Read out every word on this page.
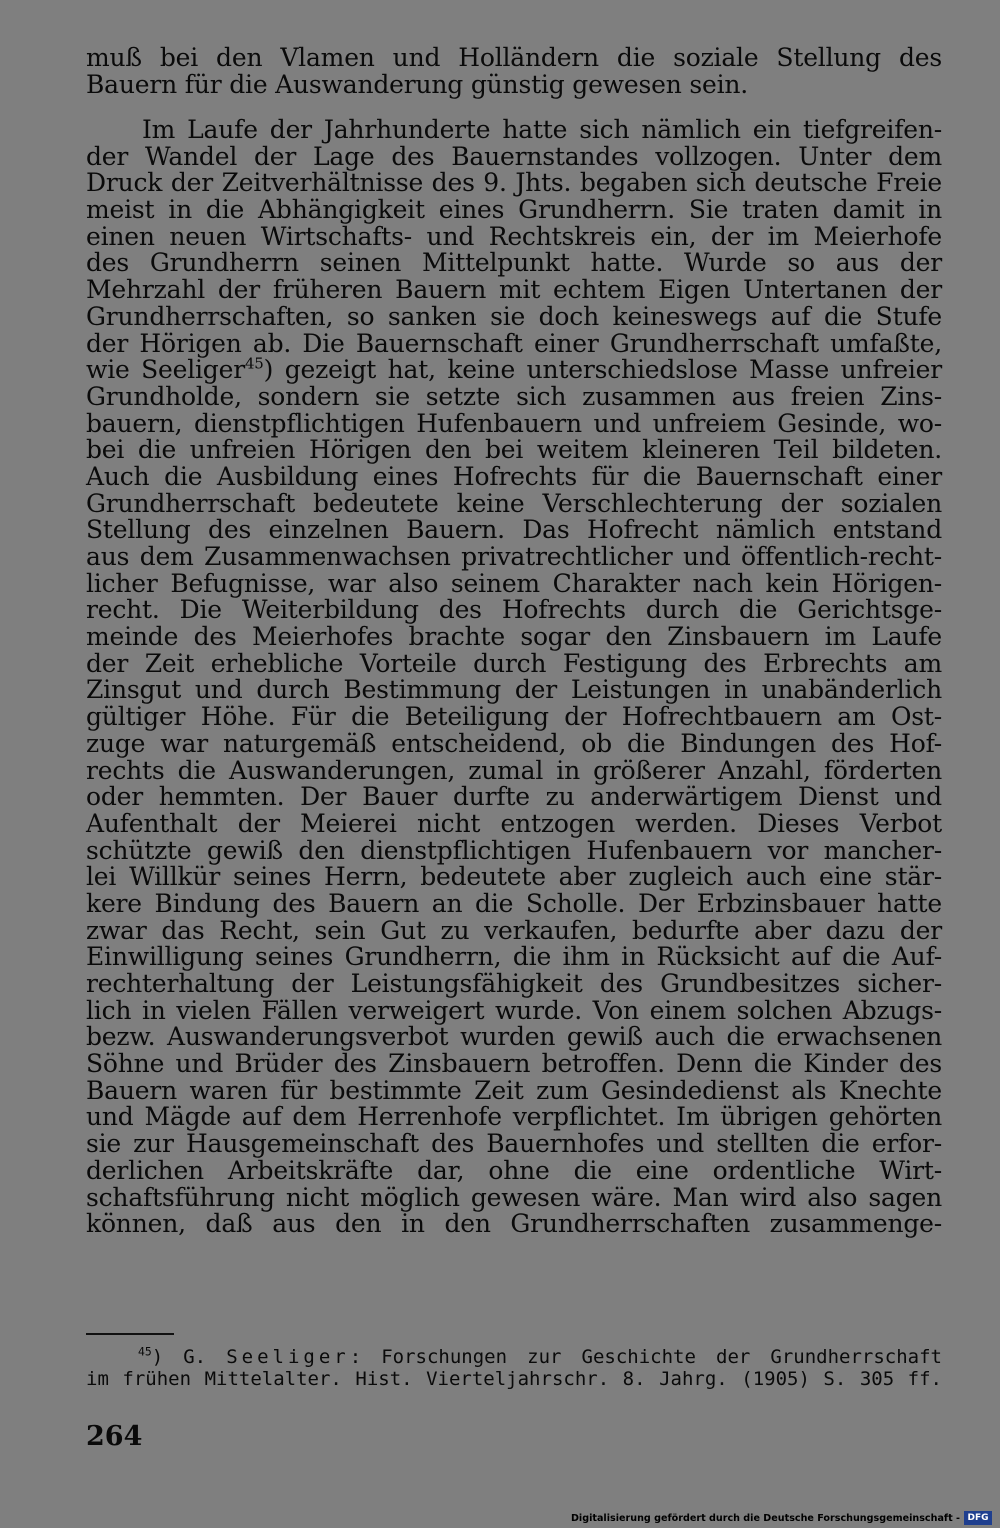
muß bei den Vlamen und Holländern die soziale Stellung des
Bauern für die Auswanderung günstig gewesen sein.
Im Laufe der Jahrhunderte hatte sich nämlich ein tiefgreifen-
der Wandel der Lage des Bauernstandes vollzogen. Unter dem
Druck der Zeitverhältnisse des 9. Jhts. begaben sich deutsche Freie
meist in die Abhängigkeit eines Grundherrn. Sie traten damit in
einen neuen Wirtschafts- und Rechtskreis ein, der im Meierhofe
des Grundherrn seinen Mittelpunkt hatte. Wurde so aus der
Mehrzahl der früheren Bauern mit echtem Eigen Untertanen der
Grundherrschaften, so sanken sie doch keineswegs auf die Stufe
der Hörigen ab. Die Bauernschaft einer Grundherrschaft umfaßte,
wie Seeliger$^{45}$) gezeigt hat, keine unterschiedslose Masse unfreier
Grundholde, sondern sie setzte sich zusammen aus freien Zins-
bauern, dienstpflichtigen Hufenbauern und unfreiem Gesinde, wo-
bei die unfreien Hörigen den bei weitem kleineren Teil bildeten.
Auch die Ausbildung eines Hofrechts für die Bauernschaft einer
Grundherrschaft bedeutete keine Verschlechterung der sozialen
Stellung des einzelnen Bauern. Das Hofrecht nämlich entstand
aus dem Zusammenwachsen privatrechtlicher und öffentlich-recht-
licher Befugnisse, war also seinem Charakter nach kein Hörigen-
recht. Die Weiterbildung des Hofrechts durch die Gerichtsge-
meinde des Meierhofes brachte sogar den Zinsbauern im Laufe
der Zeit erhebliche Vorteile durch Festigung des Erbrechts am
Zinsgut und durch Bestimmung der Leistungen in unabänderlich
gültiger Höhe. Für die Beteiligung der Hofrechtbauern am Ost-
zuge war naturgemäß entscheidend, ob die Bindungen des Hof-
rechts die Auswanderungen, zumal in größerer Anzahl, förderten
oder hemmten. Der Bauer durfte zu anderwärtigem Dienst und
Aufenthalt der Meierei nicht entzogen werden. Dieses Verbot
schützte gewiß den dienstpflichtigen Hufenbauern vor mancher-
lei Willkür seines Herrn, bedeutete aber zugleich auch eine stär-
kere Bindung des Bauern an die Scholle. Der Erbzinsbauer hatte
zwar das Recht, sein Gut zu verkaufen, bedurfte aber dazu der
Einwilligung seines Grundherrn, die ihm in Rücksicht auf die Auf-
rechterhaltung der Leistungsfähigkeit des Grundbesitzes sicher-
lich in vielen Fällen verweigert wurde. Von einem solchen Abzugs-
bezw. Auswanderungsverbot wurden gewiß auch die erwachsenen
Söhne und Brüder des Zinsbauern betroffen. Denn die Kinder des
Bauern waren für bestimmte Zeit zum Gesindedienst als Knechte
und Mägde auf dem Herrenhofe verpflichtet. Im übrigen gehörten
sie zur Hausgemeinschaft des Bauernhofes und stellten die erfor-
derlichen Arbeitskräfte dar, ohne die eine ordentliche Wirt-
schaftsführung nicht möglich gewesen wäre. Man wird also sagen
können, daß aus den in den Grundherrschaften zusammenge-
$^{45}$) G. Seeliger: Forschungen zur Geschichte der Grundherrschaft
im frühen Mittelalter. Hist. Vierteljahrschr. 8. Jahrg. (1905) S. 305 ff.
264
Digitalisierung gefördert durch die Deutsche Forschungsgemeinschaft - DFG
